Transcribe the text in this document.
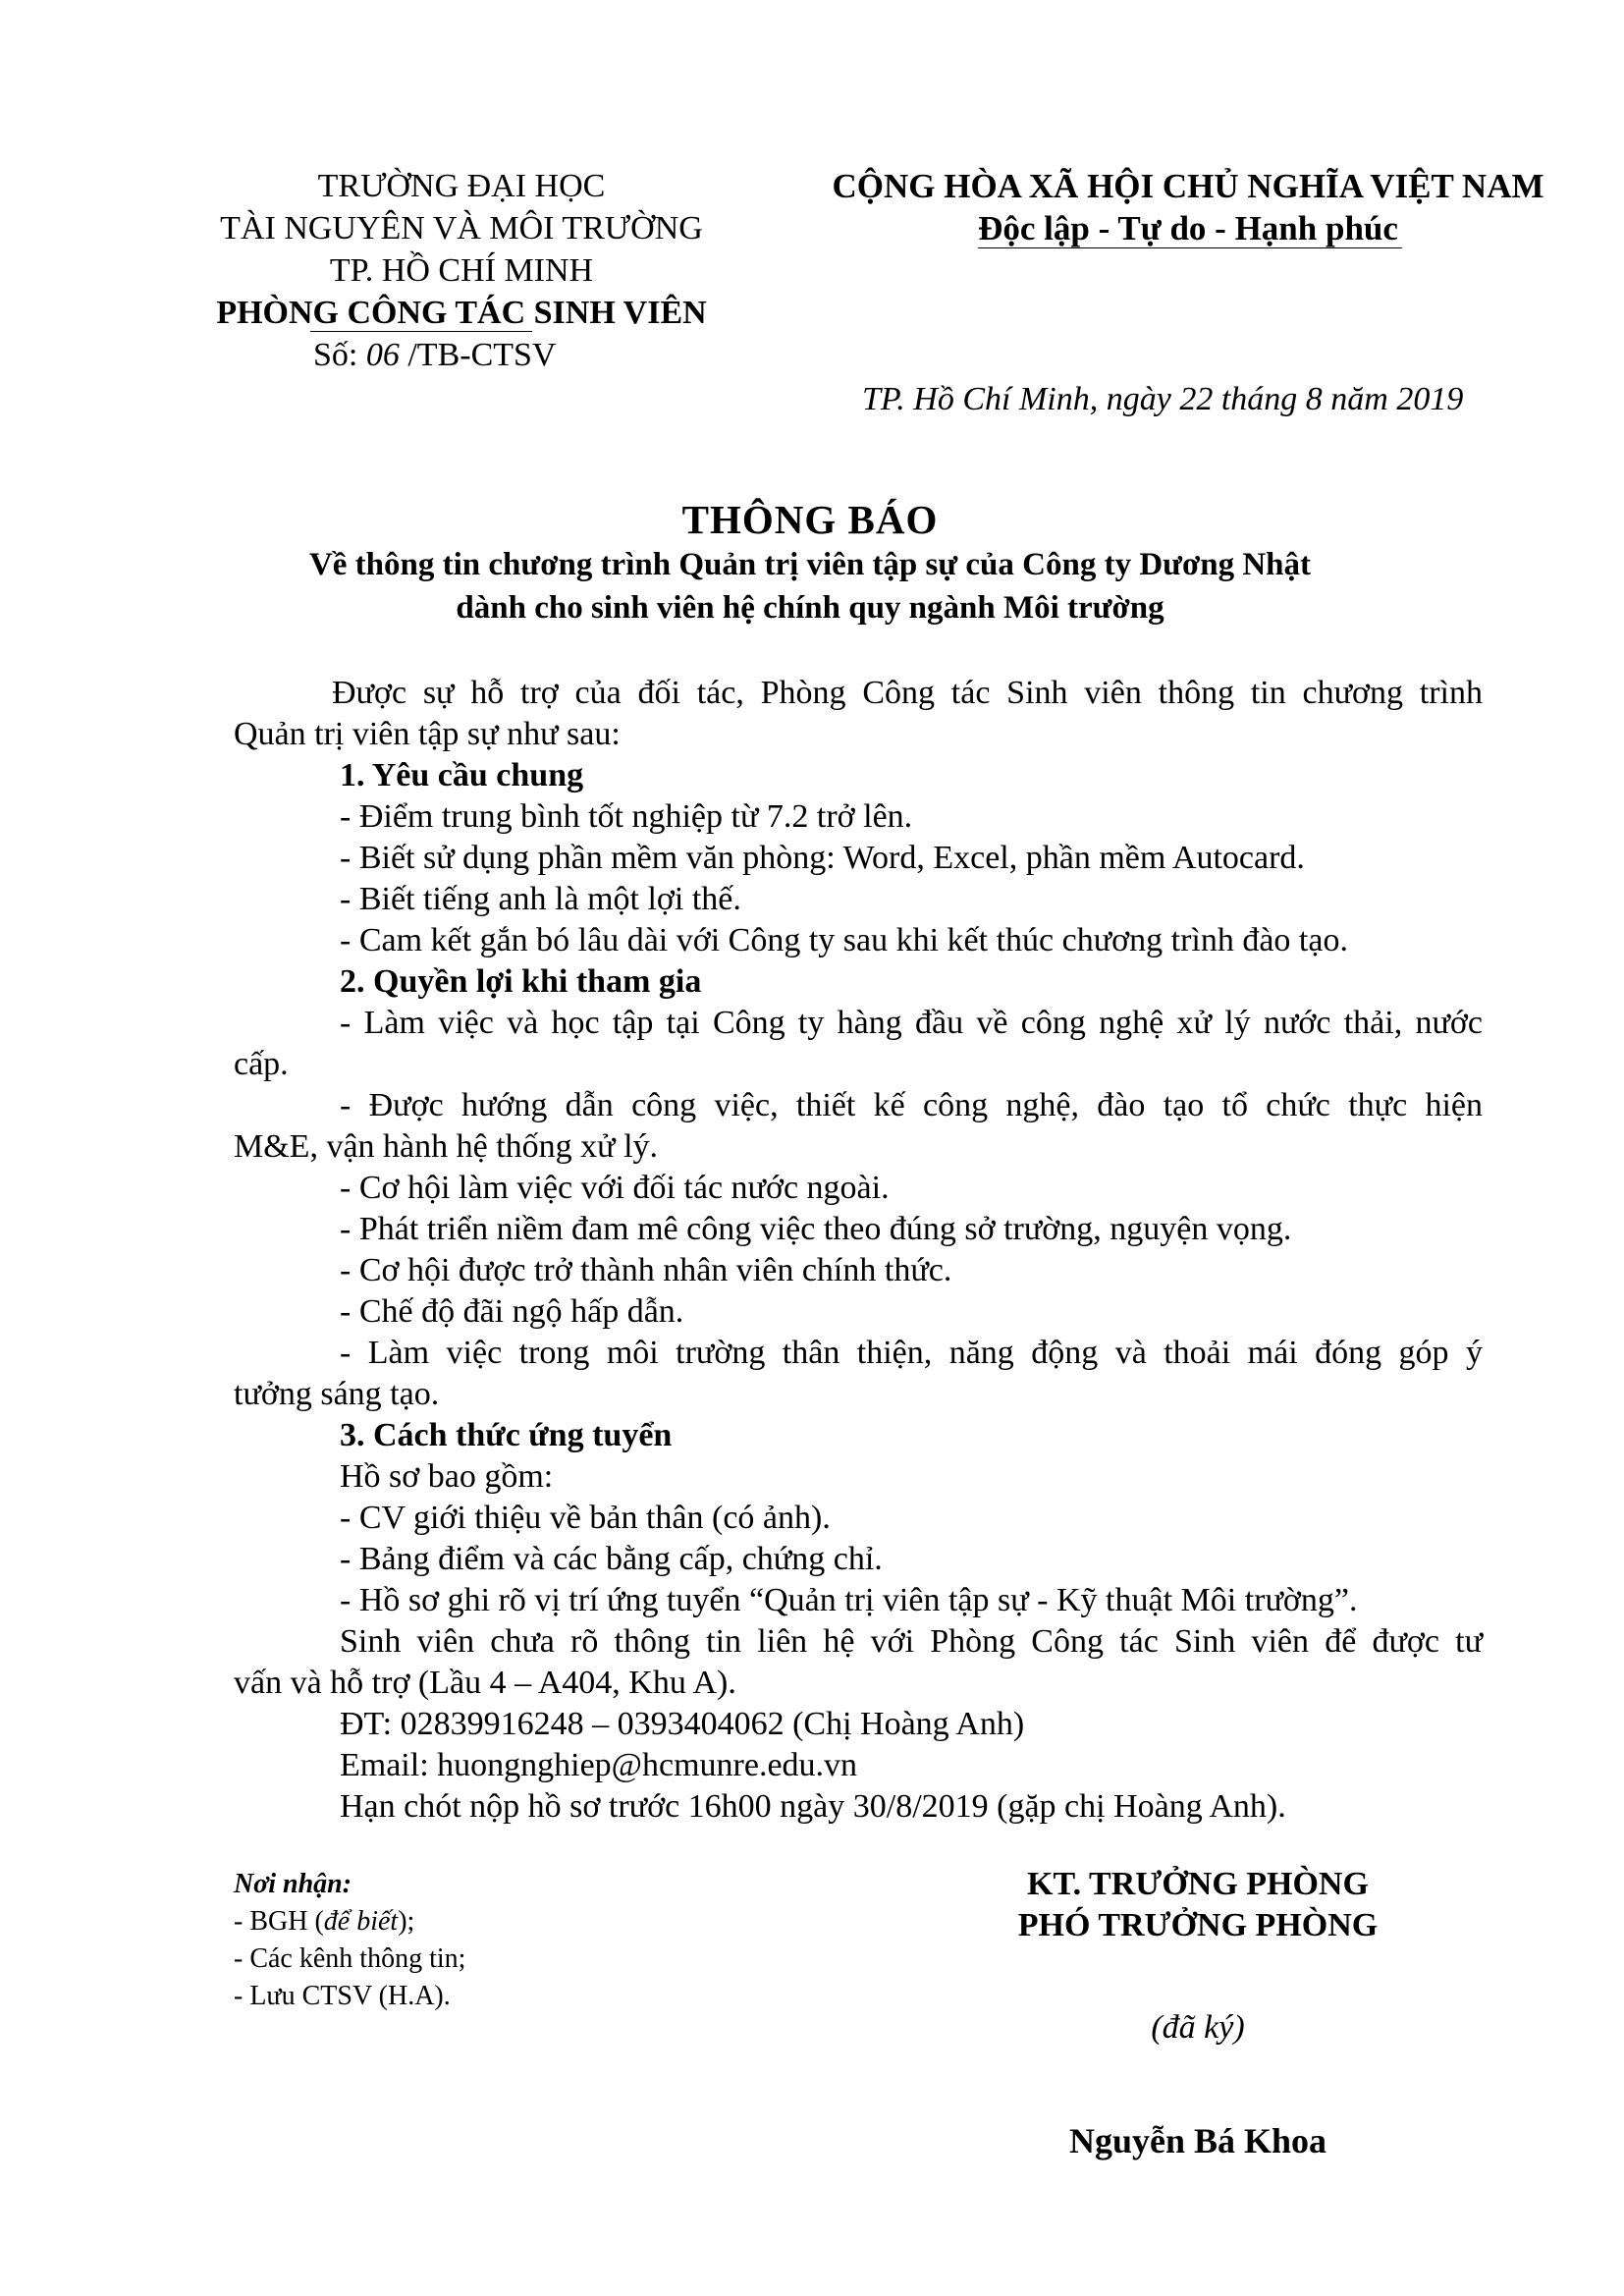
TRƯỜNG ĐẠI HỌC
TÀI NGUYÊN VÀ MÔI TRƯỜNG
TP. HỒ CHÍ MINH
PHÒNG CÔNG TÁC SINH VIÊN
Số: 06 /TB-CTSV
CỘNG HÒA XÃ HỘI CHỦ NGHĨA VIỆT NAM
Độc lập - Tự do - Hạnh phúc
TP. Hồ Chí Minh, ngày 22 tháng 8 năm 2019
THÔNG BÁO
Về thông tin chương trình Quản trị viên tập sự của Công ty Dương Nhật
dành cho sinh viên hệ chính quy ngành Môi trường
Được sự hỗ trợ của đối tác, Phòng Công tác Sinh viên thông tin chương trình
Quản trị viên tập sự như sau:
1. Yêu cầu chung
- Điểm trung bình tốt nghiệp từ 7.2 trở lên.
- Biết sử dụng phần mềm văn phòng: Word, Excel, phần mềm Autocard.
- Biết tiếng anh là một lợi thế.
- Cam kết gắn bó lâu dài với Công ty sau khi kết thúc chương trình đào tạo.
2. Quyền lợi khi tham gia
- Làm việc và học tập tại Công ty hàng đầu về công nghệ xử lý nước thải, nước
cấp.
- Được hướng dẫn công việc, thiết kế công nghệ, đào tạo tổ chức thực hiện
M&E, vận hành hệ thống xử lý.
- Cơ hội làm việc với đối tác nước ngoài.
- Phát triển niềm đam mê công việc theo đúng sở trường, nguyện vọng.
- Cơ hội được trở thành nhân viên chính thức.
- Chế độ đãi ngộ hấp dẫn.
- Làm việc trong môi trường thân thiện, năng động và thoải mái đóng góp ý
tưởng sáng tạo.
3. Cách thức ứng tuyển
Hồ sơ bao gồm:
- CV giới thiệu về bản thân (có ảnh).
- Bảng điểm và các bằng cấp, chứng chỉ.
- Hồ sơ ghi rõ vị trí ứng tuyển “Quản trị viên tập sự - Kỹ thuật Môi trường”.
Sinh viên chưa rõ thông tin liên hệ với Phòng Công tác Sinh viên để được tư
vấn và hỗ trợ (Lầu 4 – A404, Khu A).
ĐT: 02839916248 – 0393404062 (Chị Hoàng Anh)
Email: huongnghiep@hcmunre.edu.vn
Hạn chót nộp hồ sơ trước 16h00 ngày 30/8/2019 (gặp chị Hoàng Anh).
Nơi nhận:
- BGH (để biết);
- Các kênh thông tin;
- Lưu CTSV (H.A).
KT. TRƯỞNG PHÒNG
PHÓ TRƯỞNG PHÒNG
(đã ký)
Nguyễn Bá Khoa
